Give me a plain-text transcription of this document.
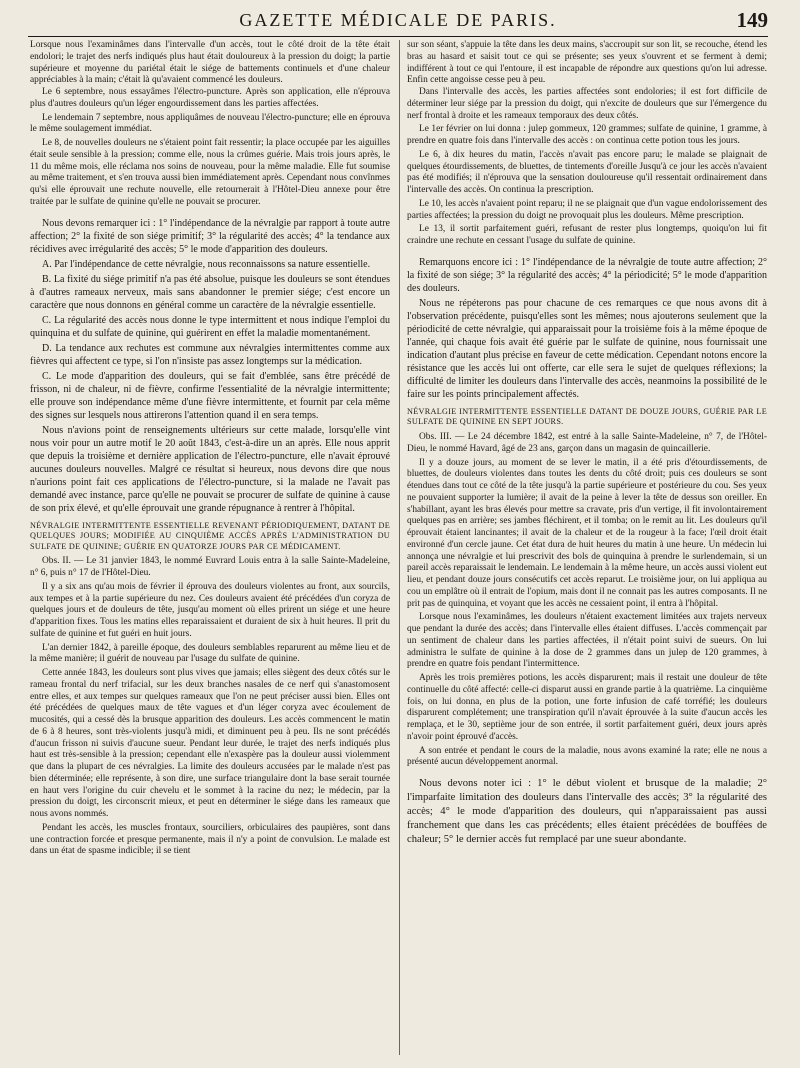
GAZETTE MÉDICALE DE PARIS.	149

Lorsque nous l'examinâmes dans l'intervalle d'un accès, tout le côté droit de la tête était endolori; le trajet des nerfs indiqués plus haut était douloureux à la pression du doigt; la partie supérieure et moyenne du pariétal était le siége de battements continuels et d'une chaleur appréciables à la main; c'était là qu'avaient commencé les douleurs.

Le 6 septembre, nous essayâmes l'électro-puncture. Après son application, elle n'éprouva plus d'autres douleurs qu'un léger engourdissement dans les parties affectées.

Le lendemain 7 septembre, nous appliquâmes de nouveau l'électro-puncture; elle en éprouva le même soulagement immédiat.

Le 8, de nouvelles douleurs ne s'étaient point fait ressentir; la place occupée par les aiguilles était seule sensible à la pression; comme elle, nous la crûmes guérie. Mais trois jours après, le 11 du même mois, elle réclama nos soins de nouveau, pour la même maladie. Elle fut soumise au même traitement, et s'en trouva aussi bien immédiatement après. Cependant nous convînmes qu'si elle éprouvait une rechute nouvelle, elle retournerait à l'Hôtel-Dieu annexe pour être traitée par le sulfate de quinine qu'elle ne pouvait se procurer.

Nous devons remarquer ici : 1° l'indépendance de la névralgie par rapport à toute autre affection; 2° la fixité de son siége primitif; 3° la régularité des accès; 4° la tendance aux récidives avec irrégularité des accès; 5° le mode d'apparition des douleurs.

A. Par l'indépendance de cette névralgie, nous reconnaissons sa nature essentielle.

B. La fixité du siége primitif n'a pas été absolue, puisque les douleurs se sont étendues à d'autres rameaux nerveux, mais sans abandonner le premier siége; c'est encore un caractère que nous donnons en général comme un caractère de la névralgie essentielle.

C. La régularité des accès nous donne le type intermittent et nous indique l'emploi du quinquina et du sulfate de quinine, qui guérirent en effet la maladie momentanément.

D. La tendance aux rechutes est commune aux névralgies intermittentes comme aux fièvres qui affectent ce type, si l'on n'insiste pas assez longtemps sur la médication.

C. Le mode d'apparition des douleurs, qui se fait d'emblée, sans être précédé de frisson, ni de chaleur, ni de fièvre, confirme l'essentialité de la névralgie intermittente; elle prouve son indépendance même d'une fièvre intermittente, et fournit par cela même des signes sur lesquels nous attirerons l'attention quand il en sera temps.

Nous n'avions point de renseignements ultérieurs sur cette malade, lorsqu'elle vint nous voir pour un autre motif le 20 août 1843, c'est-à-dire un an après. Elle nous apprit que depuis la troisième et dernière application de l'électro-puncture, elle n'avait éprouvé aucunes douleurs nouvelles. Malgré ce résultat si heureux, nous devons dire que nous n'aurions point fait ces applications de l'électro-puncture, si la malade ne l'avait pas demandé avec instance, parce qu'elle ne pouvait se procurer de sulfate de quinine à cause de son prix élevé, et qu'elle éprouvait une grande répugnance à rentrer à l'hôpital.

NÉVRALGIE INTERMITTENTE ESSENTIELLE REVENANT PÉRIODIQUEMENT, DATANT DE QUELQUES JOURS; MODIFIÉE AU CINQUIÈME ACCÈS APRÈS L'ADMINISTRATION DU SULFATE DE QUININE; GUÉRIE EN QUATORZE JOURS PAR CE MÉDICAMENT.

Obs. II. — Le 31 janvier 1843, le nommé Euvrard Louis entra à la salle Sainte-Madeleine, n° 6, puis n° 17 de l'Hôtel-Dieu.

Il y a six ans qu'au mois de février il éprouva des douleurs violentes au front, aux sourcils, aux tempes et à la partie supérieure du nez. Ces douleurs avaient été précédées d'un coryza de quelques jours et de douleurs de tête, jusqu'au moment où elles prirent un siége et une heure d'apparition fixes. Tous les matins elles reparaissaient et duraient de six à huit heures. Il prit du sulfate de quinine et fut guéri en huit jours.

L'an dernier 1842, à pareille époque, des douleurs semblables reparurent au même lieu et de la même manière; il guérit de nouveau par l'usage du sulfate de quinine.

Cette année 1843, les douleurs sont plus vives que jamais; elles siègent des deux côtés sur le rameau frontal du nerf trifacial, sur les deux branches nasales de ce nerf qui s'anastomosent entre elles, et aux tempes sur quelques rameaux que l'on ne peut préciser aussi bien. Elles ont été précédées de quelques maux de tête vagues et d'un léger coryza avec écoulement de mucosités, qui a cessé dès la brusque apparition des douleurs. Les accès commencent le matin de 6 à 8 heures, sont très-violents jusqu'à midi, et diminuent peu à peu. Ils ne sont précédés d'aucun frisson ni suivis d'aucune sueur. Pendant leur durée, le trajet des nerfs indiqués plus haut est très-sensible à la pression; cependant elle n'exaspère pas la douleur aussi violemment que dans la plupart de ces névralgies. La limite des douleurs accusées par le malade n'est pas bien déterminée; elle représente, à son dire, une surface triangulaire dont la base serait tournée en haut vers l'origine du cuir chevelu et le sommet à la racine du nez; le médecin, par la pression du doigt, les circonscrit mieux, et peut en déterminer le siége dans les rameaux que nous avons nommés.

Pendant les accès, les muscles frontaux, sourciliers, orbiculaires des paupières, sont dans une contraction forcée et presque permanente, mais il n'y a point de convulsion. Le malade est dans un état de spasme indicible; il se tient

sur son séant, s'appuie la tête dans les deux mains, s'accroupit sur son lit, se recouche, étend les bras au hasard et saisit tout ce qui se présente; ses yeux s'ouvrent et se ferment à demi; indifférent à tout ce qui l'entoure, il est incapable de répondre aux questions qu'on lui adresse. Enfin cette angoisse cesse peu à peu.

Dans l'intervalle des accès, les parties affectées sont endolories; il est fort difficile de déterminer leur siége par la pression du doigt, qui n'excite de douleurs que sur l'émergence du nerf frontal à droite et les rameaux temporaux des deux côtés.

Le 1er février on lui donna : julep gommeux, 120 grammes; sulfate de quinine, 1 gramme, à prendre en quatre fois dans l'intervalle des accès : on continua cette potion tous les jours.

Le 6, à dix heures du matin, l'accès n'avait pas encore paru; le malade se plaignait de quelques étourdissements, de bluettes, de tintements d'oreille Jusqu'à ce jour les accès n'avaient pas été modifiés; il n'éprouva que la sensation douloureuse qu'il ressentait ordinairement dans l'intervalle des accès. On continua la prescription.

Le 10, les accès n'avaient point reparu; il ne se plaignait que d'un vague endolorissement des parties affectées; la pression du doigt ne provoquait plus les douleurs. Même prescription.

Le 13, il sortit parfaitement guéri, refusant de rester plus longtemps, quoiqu'on lui fit craindre une rechute en cessant l'usage du sulfate de quinine.

Remarquons encore ici : 1° l'indépendance de la névralgie de toute autre affection; 2° la fixité de son siége; 3° la régularité des accès; 4° la périodicité; 5° le mode d'apparition des douleurs.

Nous ne répéterons pas pour chacune de ces remarques ce que nous avons dit à l'observation précédente, puisqu'elles sont les mêmes; nous ajouterons seulement que la périodicité de cette névralgie, qui apparaissait pour la troisième fois à la même époque de l'année, qui chaque fois avait été guérie par le sulfate de quinine, nous fournissait une indication d'autant plus précise en faveur de cette médication. Cependant notons encore la résistance que les accès lui ont offerte, car elle sera le sujet de quelques réflexions; la difficulté de limiter les douleurs dans l'intervalle des accès, neanmoins la possibilité de le faire sur les points principalement affectés.

NÉVRALGIE INTERMITTENTE ESSENTIELLE DATANT DE DOUZE JOURS, GUÉRIE PAR LE SULFATE DE QUININE EN SEPT JOURS.

Obs. III. — Le 24 décembre 1842, est entré à la salle Sainte-Madeleine, n° 7, de l'Hôtel-Dieu, le nommé Havard, âgé de 23 ans, garçon dans un magasin de quincaillerie.

Il y a douze jours, au moment de se lever le matin, il a été pris d'étourdissements, de bluettes, de douleurs violentes dans toutes les dents du côté droit; puis ces douleurs se sont étendues dans tout ce côté de la tête jusqu'à la partie supérieure et postérieure du cou. Ses yeux ne pouvaient supporter la lumière; il avait de la peine à lever la tête de dessus son oreiller. En s'habillant, ayant les bras élevés pour mettre sa cravate, pris d'un vertige, il fit involontairement quelques pas en arrière; ses jambes fléchirent, et il tomba; on le remit au lit. Les douleurs qu'il éprouvait étaient lancinantes; il avait de la chaleur et de la rougeur à la face; l'œil droit était environné d'un cercle jaune. Cet état dura de huit heures du matin à une heure. Un médecin lui annonça une névralgie et lui prescrivit des bols de quinquina à prendre le surlendemain, si un pareil accès reparaissait le lendemain. Le lendemain à la même heure, un accès aussi violent eut lieu, et pendant douze jours consécutifs cet accès reparut. Le troisième jour, on lui appliqua au cou un emplâtre où il entrait de l'opium, mais dont il ne connait pas les autres composants. Il ne prit pas de quinquina, et voyant que les accès ne cessaient point, il entra à l'hôpital.

Lorsque nous l'examinâmes, les douleurs n'étaient exactement limitées aux trajets nerveux que pendant la durée des accès; dans l'intervalle elles étaient diffuses. L'accès commençait par un sentiment de chaleur dans les parties affectées, il n'était point suivi de sueurs. On lui administra le sulfate de quinine à la dose de 2 grammes dans un julep de 120 grammes, à prendre en quatre fois pendant l'intermittence.

Après les trois premières potions, les accès disparurent; mais il restait une douleur de tête continuelle du côté affecté: celle-ci disparut aussi en grande partie à la quatrième. La cinquième fois, on lui donna, en plus de la potion, une forte infusion de café torréfié; les douleurs disparurent complétement; une transpiration qu'il n'avait éprouvée à la suite d'aucun accès les remplaça, et le 30, septième jour de son entrée, il sortit parfaitement guéri, deux jours après n'avoir point éprouvé d'accès.

A son entrée et pendant le cours de la maladie, nous avons examiné la rate; elle ne nous a présenté aucun développement anormal.

Nous devons noter ici : 1° le début violent et brusque de la maladie; 2° l'imparfaite limitation des douleurs dans l'intervalle des accès; 3° la régularité des accès; 4° le mode d'apparition des douleurs, qui n'apparaissaient pas aussi franchement que dans les cas précédents; elles étaient précédées de bouffées de chaleur; 5° le dernier accès fut remplacé par une sueur abondante.
